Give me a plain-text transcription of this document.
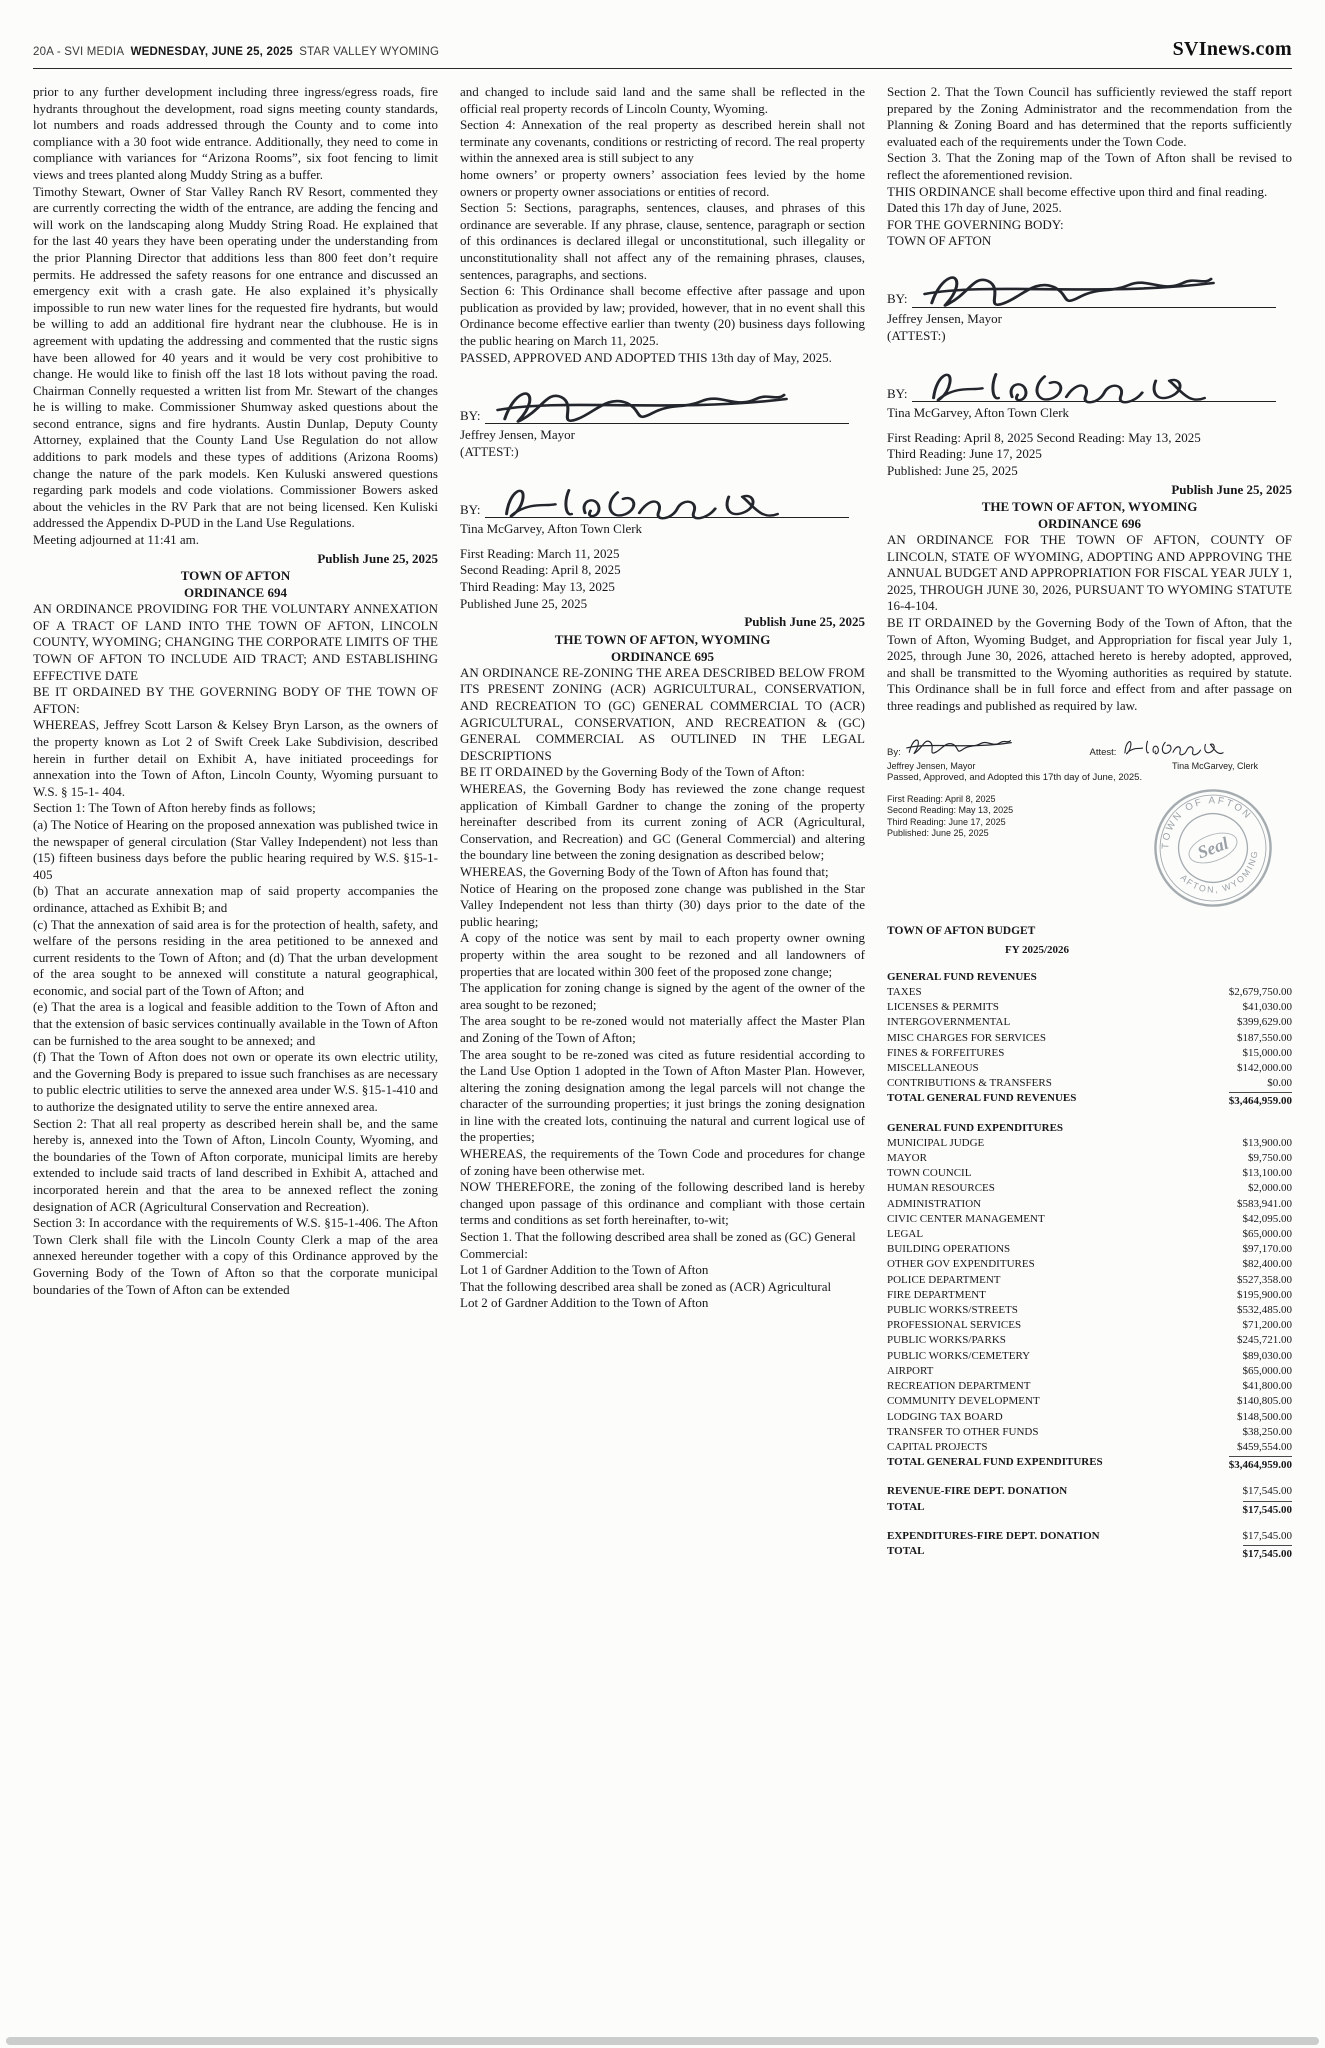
20A - SVI MEDIA WEDNESDAY, JUNE 25, 2025 STAR VALLEY WYOMING	SVInews.com

prior to any further development including three ingress/egress roads, fire hydrants throughout the development, road signs meeting county standards, lot numbers and roads addressed through the County and to come into compliance with a 30 foot wide entrance. Additionally, they need to come in compliance with variances for “Arizona Rooms”, six foot fencing to limit views and trees planted along Muddy String as a buffer.

Timothy Stewart, Owner of Star Valley Ranch RV Resort, commented they are currently correcting the width of the entrance, are adding the fencing and will work on the landscaping along Muddy String Road. He explained that for the last 40 years they have been operating under the understanding from the prior Planning Director that additions less than 800 feet don’t require permits. He addressed the safety reasons for one entrance and discussed an emergency exit with a crash gate. He also explained it’s physically impossible to run new water lines for the requested fire hydrants, but would be willing to add an additional fire hydrant near the clubhouse. He is in agreement with updating the addressing and commented that the rustic signs have been allowed for 40 years and it would be very cost prohibitive to change. He would like to finish off the last 18 lots without paving the road. Chairman Connelly requested a written list from Mr. Stewart of the changes he is willing to make. Commissioner Shumway asked questions about the second entrance, signs and fire hydrants. Austin Dunlap, Deputy County Attorney, explained that the County Land Use Regulation do not allow additions to park models and these types of additions (Arizona Rooms) change the nature of the park models. Ken Kuluski answered questions regarding park models and code violations. Commissioner Bowers asked about the vehicles in the RV Park that are not being licensed. Ken Kuliski addressed the Appendix D-PUD in the Land Use Regulations.

Meeting adjourned at 11:41 am.

Publish June 25, 2025

TOWN OF AFTON

ORDINANCE 694

AN ORDINANCE PROVIDING FOR THE VOLUNTARY ANNEXATION OF A TRACT OF LAND INTO THE TOWN OF AFTON, LINCOLN COUNTY, WYOMING; CHANGING THE CORPORATE LIMITS OF THE TOWN OF AFTON TO INCLUDE AID TRACT; AND ESTABLISHING EFFECTIVE DATE

BE IT ORDAINED BY THE GOVERNING BODY OF THE TOWN OF AFTON:

WHEREAS, Jeffrey Scott Larson & Kelsey Bryn Larson, as the owners of the property known as Lot 2 of Swift Creek Lake Subdivision, described herein in further detail on Exhibit A, have initiated proceedings for annexation into the Town of Afton, Lincoln County, Wyoming pursuant to W.S. § 15-1- 404.

Section 1: The Town of Afton hereby finds as follows;

(a) The Notice of Hearing on the proposed annexation was published twice in the newspaper of general circulation (Star Valley Independent) not less than (15) fifteen business days before the public hearing required by W.S. §15-1-405

(b) That an accurate annexation map of said property accompanies the ordinance, attached as Exhibit B; and

(c) That the annexation of said area is for the protection of health, safety, and welfare of the persons residing in the area petitioned to be annexed and current residents to the Town of Afton; and (d) That the urban development of the area sought to be annexed will constitute a natural geographical, economic, and social part of the Town of Afton; and

(e) That the area is a logical and feasible addition to the Town of Afton and that the extension of basic services continually available in the Town of Afton can be furnished to the area sought to be annexed; and

(f) That the Town of Afton does not own or operate its own electric utility, and the Governing Body is prepared to issue such franchises as are necessary to public electric utilities to serve the annexed area under W.S. §15-1-410 and to authorize the designated utility to serve the entire annexed area.

Section 2: That all real property as described herein shall be, and the same hereby is, annexed into the Town of Afton, Lincoln County, Wyoming, and the boundaries of the Town of Afton corporate, municipal limits are hereby extended to include said tracts of land described in Exhibit A, attached and incorporated herein and that the area to be annexed reflect the zoning designation of ACR (Agricultural Conservation and Recreation).

Section 3: In accordance with the requirements of W.S. §15-1-406. The Afton Town Clerk shall file with the Lincoln County Clerk a map of the area annexed hereunder together with a copy of this Ordinance approved by the Governing Body of the Town of Afton so that the corporate municipal boundaries of the Town of Afton can be extended

and changed to include said land and the same shall be reflected in the official real property records of Lincoln County, Wyoming.

Section 4: Annexation of the real property as described herein shall not terminate any covenants, conditions or restricting of record. The real property within the annexed area is still subject to any

home owners’ or property owners’ association fees levied by the home owners or property owner associations or entities of record.

Section 5: Sections, paragraphs, sentences, clauses, and phrases of this ordinance are severable. If any phrase, clause, sentence, paragraph or section of this ordinances is declared illegal or unconstitutional, such illegality or unconstitutionality shall not affect any of the remaining phrases, clauses, sentences, paragraphs, and sections.

Section 6: This Ordinance shall become effective after passage and upon publication as provided by law; provided, however, that in no event shall this Ordinance become effective earlier than twenty (20) business days following the public hearing on March 11, 2025.

PASSED, APPROVED AND ADOPTED THIS 13th day of May, 2025.

BY:
Jeffrey Jensen, Mayor

(ATTEST:)

BY:
Tina McGarvey, Afton Town Clerk

First Reading: March 11, 2025

Second Reading: April 8, 2025

Third Reading: May 13, 2025

Published June 25, 2025

Publish June 25, 2025

THE TOWN OF AFTON, WYOMING

ORDINANCE 695

AN ORDINANCE RE-ZONING THE AREA DESCRIBED BELOW FROM ITS PRESENT ZONING (ACR) AGRICULTURAL, CONSERVATION, AND RECREATION TO (GC) GENERAL COMMERCIAL TO (ACR) AGRICULTURAL, CONSERVATION, AND RECREATION & (GC) GENERAL COMMERCIAL AS OUTLINED IN THE LEGAL DESCRIPTIONS

BE IT ORDAINED by the Governing Body of the Town of Afton:

WHEREAS, the Governing Body has reviewed the zone change request application of Kimball Gardner to change the zoning of the property hereinafter described from its current zoning of ACR (Agricultural, Conservation, and Recreation) and GC (General Commercial) and altering the boundary line between the zoning designation as described below;

WHEREAS, the Governing Body of the Town of Afton has found that;

Notice of Hearing on the proposed zone change was published in the Star Valley Independent not less than thirty (30) days prior to the date of the public hearing;

A copy of the notice was sent by mail to each property owner owning property within the area sought to be rezoned and all landowners of properties that are located within 300 feet of the proposed zone change;

The application for zoning change is signed by the agent of the owner of the area sought to be rezoned;

The area sought to be re-zoned would not materially affect the Master Plan and Zoning of the Town of Afton;

The area sought to be re-zoned was cited as future residential according to the Land Use Option 1 adopted in the Town of Afton Master Plan. However, altering the zoning designation among the legal parcels will not change the character of the surrounding properties; it just brings the zoning designation in line with the created lots, continuing the natural and current logical use of the properties;

WHEREAS, the requirements of the Town Code and procedures for change of zoning have been otherwise met.

NOW THEREFORE, the zoning of the following described land is hereby changed upon passage of this ordinance and compliant with those certain terms and conditions as set forth hereinafter, to-wit;

Section 1. That the following described area shall be zoned as (GC) General

Commercial:

Lot 1 of Gardner Addition to the Town of Afton

That the following described area shall be zoned as (ACR) Agricultural

Lot 2 of Gardner Addition to the Town of Afton

Section 2. That the Town Council has sufficiently reviewed the staff report prepared by the Zoning Administrator and the recommendation from the Planning & Zoning Board and has determined that the reports sufficiently evaluated each of the requirements under the Town Code.

Section 3. That the Zoning map of the Town of Afton shall be revised to reflect the aforementioned revision.

THIS ORDINANCE shall become effective upon third and final reading.

Dated this 17h day of June, 2025.

FOR THE GOVERNING BODY:

TOWN OF AFTON

BY:
Jeffrey Jensen, Mayor

(ATTEST:)

BY:
Tina McGarvey, Afton Town Clerk

First Reading: April 8, 2025 Second Reading: May 13, 2025

Third Reading: June 17, 2025

Published: June 25, 2025

Publish June 25, 2025

THE TOWN OF AFTON, WYOMING

ORDINANCE 696

AN ORDINANCE FOR THE TOWN OF AFTON, COUNTY OF LINCOLN, STATE OF WYOMING, ADOPTING AND APPROVING THE ANNUAL BUDGET AND APPROPRIATION FOR FISCAL YEAR JULY 1, 2025, THROUGH JUNE 30, 2026, PURSUANT TO WYOMING STATUTE 16-4-104.

BE IT ORDAINED by the Governing Body of the Town of Afton, that the Town of Afton, Wyoming Budget, and Appropriation for fiscal year July 1, 2025, through June 30, 2026, attached hereto is hereby adopted, approved, and shall be transmitted to the Wyoming authorities as required by statute. This Ordinance shall be in full force and effect from and after passage on three readings and published as required by law.

By:	Attest:
Jeffrey Jensen, Mayor	Tina McGarvey, Clerk

Passed, Approved, and Adopted this 17th day of June, 2025.

First Reading: April 8, 2025

Second Reading: May 13, 2025

Third Reading: June 17, 2025

Published: June 25, 2025

TOWN OF AFTON
AFTON, WYOMING
Seal
TOWN OF AFTON BUDGET
FY 2025/2026
GENERAL FUND REVENUES
TAXES	$2,679,750.00
LICENSES & PERMITS	$41,030.00
INTERGOVERNMENTAL	$399,629.00
MISC CHARGES FOR SERVICES	$187,550.00
FINES & FORFEITURES	$15,000.00
MISCELLANEOUS	$142,000.00
CONTRIBUTIONS & TRANSFERS	$0.00
TOTAL GENERAL FUND REVENUES	$3,464,959.00
GENERAL FUND EXPENDITURES
MUNICIPAL JUDGE	$13,900.00
MAYOR	$9,750.00
TOWN COUNCIL	$13,100.00
HUMAN RESOURCES	$2,000.00
ADMINISTRATION	$583,941.00
CIVIC CENTER MANAGEMENT	$42,095.00
LEGAL	$65,000.00
BUILDING OPERATIONS	$97,170.00
OTHER GOV EXPENDITURES	$82,400.00
POLICE DEPARTMENT	$527,358.00
FIRE DEPARTMENT	$195,900.00
PUBLIC WORKS/STREETS	$532,485.00
PROFESSIONAL SERVICES	$71,200.00
PUBLIC WORKS/PARKS	$245,721.00
PUBLIC WORKS/CEMETERY	$89,030.00
AIRPORT	$65,000.00
RECREATION DEPARTMENT	$41,800.00
COMMUNITY DEVELOPMENT	$140,805.00
LODGING TAX BOARD	$148,500.00
TRANSFER TO OTHER FUNDS	$38,250.00
CAPITAL PROJECTS	$459,554.00
TOTAL GENERAL FUND EXPENDITURES	$3,464,959.00
REVENUE-FIRE DEPT. DONATION	$17,545.00
TOTAL	$17,545.00
EXPENDITURES-FIRE DEPT. DONATION	$17,545.00
TOTAL	$17,545.00
